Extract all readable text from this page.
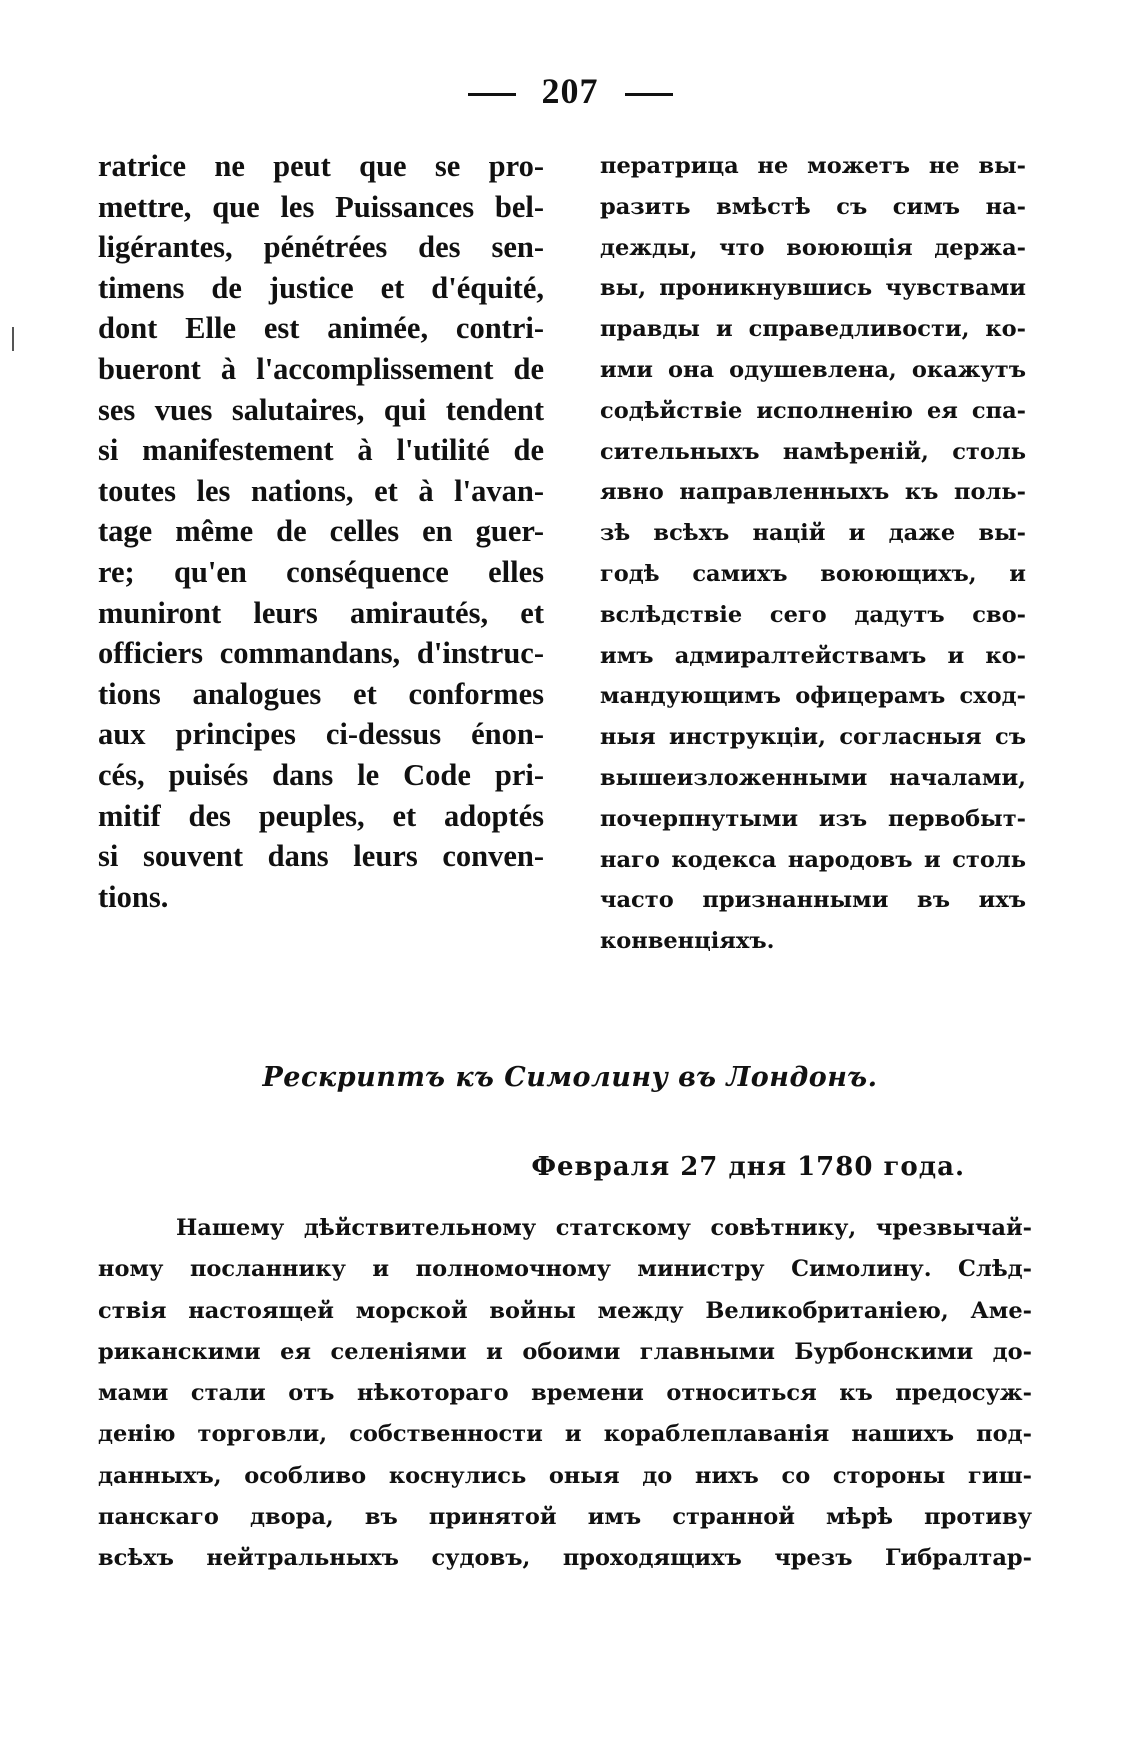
207
ratrice ne peut que se pro-
mettre, que les Puissances bel-
ligérantes, pénétrées des sen-
timens de justice et d'équité,
dont Elle est animée, contri-
bueront à l'accomplissement de
ses vues salutaires, qui tendent
si manifestement à l'utilité de
toutes les nations, et à l'avan-
tage même de celles en guer-
re; qu'en conséquence elles
muniront leurs amirautés, et
officiers commandans, d'instruc-
tions analogues et conformes
aux principes ci-dessus énon-
cés, puisés dans le Code pri-
mitif des peuples, et adoptés
si souvent dans leurs conven-
tions.
ператрица не можетъ не вы-
разить вмѣстѣ съ симъ на-
дежды, что воюющія держа-
вы, проникнувшись чувствами
правды и справедливости, ко-
ими она одушевлена, окажутъ
содѣйствіе исполненію ея спа-
сительныхъ намѣреній, столь
явно направленныхъ къ поль-
зѣ всѣхъ націй и даже вы-
годѣ самихъ воюющихъ, и
вслѣдствіе сего дадутъ сво-
имъ адмиралтействамъ и ко-
мандующимъ офицерамъ сход-
ныя инструкціи, согласныя съ
вышеизложенными началами,
почерпнутыми изъ первобыт-
наго кодекса народовъ и столь
часто признанными въ ихъ
конвенціяхъ.
Рескриптъ къ Симолину въ Лондонъ.
Февраля 27 дня 1780 года.
Нашему дѣйствительному статскому совѣтнику, чрезвычай-
ному посланнику и полномочному министру Симолину. Слѣд-
ствія настоящей морской войны между Великобританіею, Аме-
риканскими ея селеніями и обоими главными Бурбонскими до-
мами стали отъ нѣкотораго времени относиться къ предосуж-
денію торговли, собственности и кораблеплаванія нашихъ под-
данныхъ, особливо коснулись оныя до нихъ со стороны гиш-
панскаго двора, въ принятой имъ странной мѣрѣ противу
всѣхъ нейтральныхъ судовъ, проходящихъ чрезъ Гибралтар-
